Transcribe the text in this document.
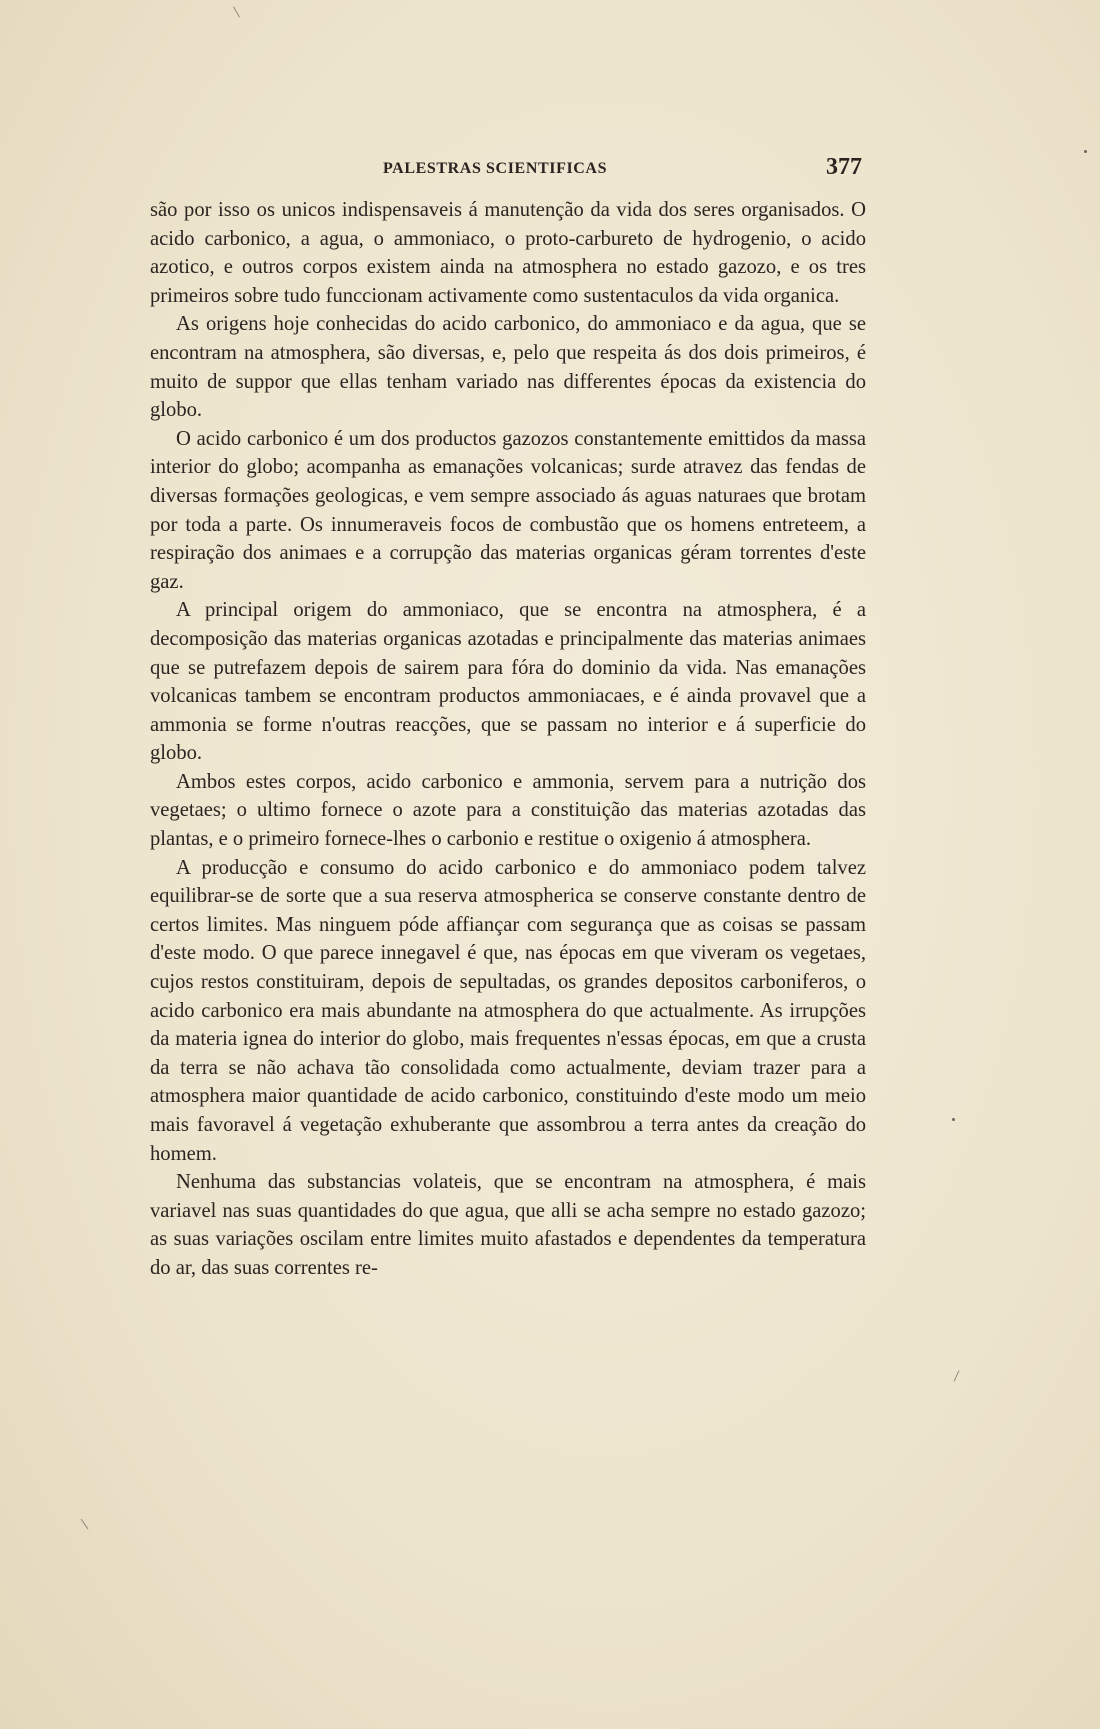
PALESTRAS SCIENTIFICAS	377

são por isso os unicos indispensaveis á manutenção da vida dos seres organisados. O acido carbonico, a agua, o ammoniaco, o proto-carbureto de hydrogenio, o acido azotico, e outros corpos existem ainda na atmosphera no estado gazozo, e os tres primeiros sobre tudo funccionam activamente como sustentaculos da vida organica.

As origens hoje conhecidas do acido carbonico, do ammoniaco e da agua, que se encontram na atmosphera, são diversas, e, pelo que respeita ás dos dois primeiros, é muito de suppor que ellas tenham variado nas differentes épocas da existencia do globo.

O acido carbonico é um dos productos gazozos constantemente emittidos da massa interior do globo; acompanha as emanações volcanicas; surde atravez das fendas de diversas formações geologicas, e vem sempre associado ás aguas naturaes que brotam por toda a parte. Os innumeraveis focos de combustão que os homens entreteem, a respiração dos animaes e a corrupção das materias organicas géram torrentes d'este gaz.

A principal origem do ammoniaco, que se encontra na atmosphera, é a decomposição das materias organicas azotadas e principalmente das materias animaes que se putrefazem depois de sairem para fóra do dominio da vida. Nas emanações volcanicas tambem se encontram productos ammoniacaes, e é ainda provavel que a ammonia se forme n'outras reacções, que se passam no interior e á superficie do globo.

Ambos estes corpos, acido carbonico e ammonia, servem para a nutrição dos vegetaes; o ultimo fornece o azote para a constituição das materias azotadas das plantas, e o primeiro fornece-lhes o carbonio e restitue o oxigenio á atmosphera.

A producção e consumo do acido carbonico e do ammoniaco podem talvez equilibrar-se de sorte que a sua reserva atmospherica se conserve constante dentro de certos limites. Mas ninguem póde affiançar com segurança que as coisas se passam d'este modo. O que parece innegavel é que, nas épocas em que viveram os vegetaes, cujos restos constituiram, depois de sepultadas, os grandes depositos carboniferos, o acido carbonico era mais abundante na atmosphera do que actualmente. As irrupções da materia ignea do interior do globo, mais frequentes n'essas épocas, em que a crusta da terra se não achava tão consolidada como actualmente, deviam trazer para a atmosphera maior quantidade de acido carbonico, constituindo d'este modo um meio mais favoravel á vegetação exhuberante que assombrou a terra antes da creação do homem.

Nenhuma das substancias volateis, que se encontram na atmosphera, é mais variavel nas suas quantidades do que agua, que alli se acha sempre no estado gazozo; as suas variações oscilam entre limites muito afastados e dependentes da temperatura do ar, das suas correntes re-
